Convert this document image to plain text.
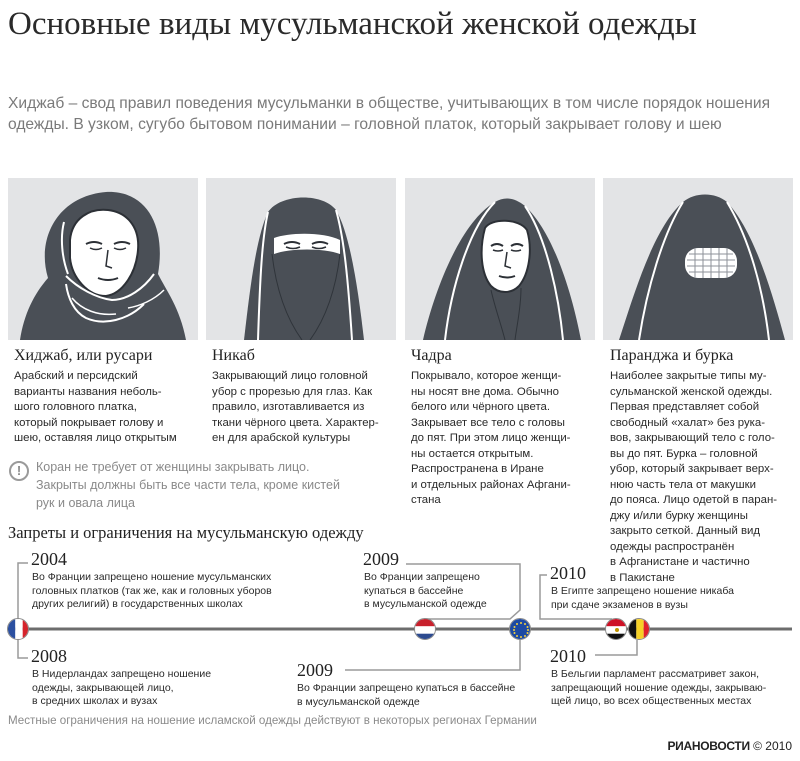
Основные виды мусульманской женской одежды
Хиджаб – свод правил поведения мусульманки в обществе, учитывающих в том числе порядок ношения одежды. В узком, сугубо бытовом понимании – головной платок, который закрывает голову и шею
Хиджаб, или русари
Арабский и персидский
варианты названия неболь-
шого головного платка,
который покрывает голову и
шею, оставляя лицо открытым
Никаб
Закрывающий лицо головной
убор с прорезью для глаз. Как
правило, изготавливается из
ткани чёрного цвета. Характер-
ен для арабской культуры
Чадра
Покрывало, которое женщи-
ны носят вне дома. Обычно
белого или чёрного цвета.
Закрывает все тело с головы
до пят. При этом лицо женщи-
ны остается открытым.
Распространена в Иране
и отдельных районах Афгани-
стана
Паранджа и бурка
Наиболее закрытые типы му-
сульманской женской одежды.
Первая представляет собой
свободный «халат» без рука-
вов, закрывающий тело с голо-
вы до пят. Бурка – головной
убор, который закрывает верх-
нюю часть тела от макушки
до пояса. Лицо одетой в паран-
джу и/или бурку женщины
закрыто сеткой. Данный вид
одежды распространён
в Афганистане и частично
в Пакистане
!	Коран не требует от женщины закрывать лицо.
Закрыты должны быть все части тела, кроме кистей
рук и овала лица
Запреты и ограничения на мусульманскую одежду
2004
Во Франции запрещено ношение мусульманских
головных платков (так же, как и головных уборов
других религий) в государственных школах
2008
В Нидерландах запрещено ношение
одежды, закрывающей лицо,
в средних школах и вузах
2009
Во Франции запрещено
купаться в бассейне
в мусульманской одежде
2009
Во Франции запрещено купаться в бассейне
в мусульманской одежде
2010
В Египте запрещено ношение никаба
при сдаче экзаменов в вузы
2010
В Бельгии парламент рассматривет закон,
запрещающий ношение одежды, закрываю-
щей лицо, во всех общественных местах
Местные ограничения на ношение исламской одежды действуют в некоторых регионах Германии
РИАНОВОСТИ © 2010
